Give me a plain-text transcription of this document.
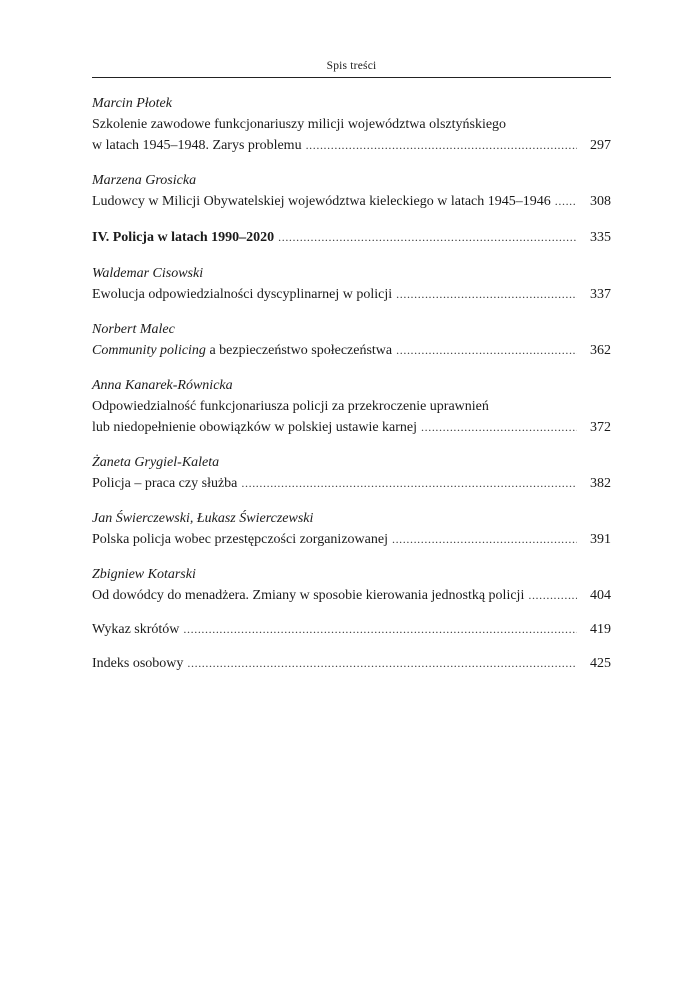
Spis treści
Marcin Płotek
Szkolenie zawodowe funkcjonariuszy milicji województwa olsztyńskiego
w latach 1945–1948. Zarys problemu .....	297
Marzena Grosicka
Ludowcy w Milicji Obywatelskiej województwa kieleckiego w latach 1945–1946 .....	308
IV. Policja w latach 1990–2020 .....	335
Waldemar Cisowski
Ewolucja odpowiedzialności dyscyplinarnej w policji .....	337
Norbert Malec
Community policing a bezpieczeństwo społeczeństwa .....	362
Anna Kanarek-Równicka
Odpowiedzialność funkcjonariusza policji za przekroczenie uprawnień
lub niedopełnienie obowiązków w polskiej ustawie karnej .....	372
Żaneta Grygiel-Kaleta
Policja – praca czy służba .....	382
Jan Świerczewski, Łukasz Świerczewski
Polska policja wobec przestępczości zorganizowanej .....	391
Zbigniew Kotarski
Od dowódcy do menadżera. Zmiany w sposobie kierowania jednostką policji .....	404
Wykaz skrótów .....	419
Indeks osobowy .....	425
